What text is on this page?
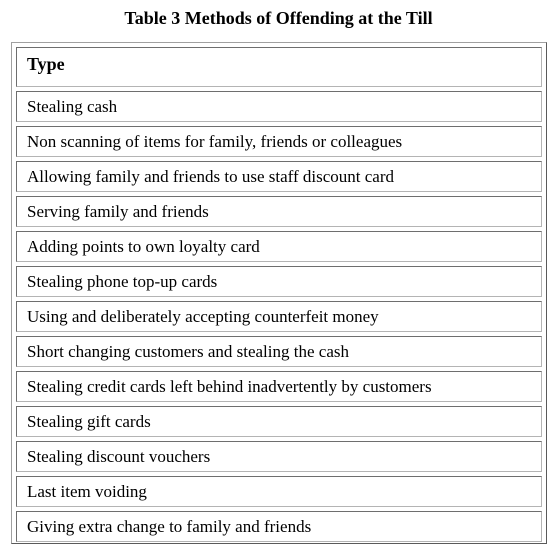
Table 3 Methods of Offending at the Till
Type
Stealing cash
Non scanning of items for family, friends or colleagues
Allowing family and friends to use staff discount card
Serving family and friends
Adding points to own loyalty card
Stealing phone top-up cards
Using and deliberately accepting counterfeit money
Short changing customers and stealing the cash
Stealing credit cards left behind inadvertently by customers
Stealing gift cards
Stealing discount vouchers
Last item voiding
Giving extra change to family and friends
